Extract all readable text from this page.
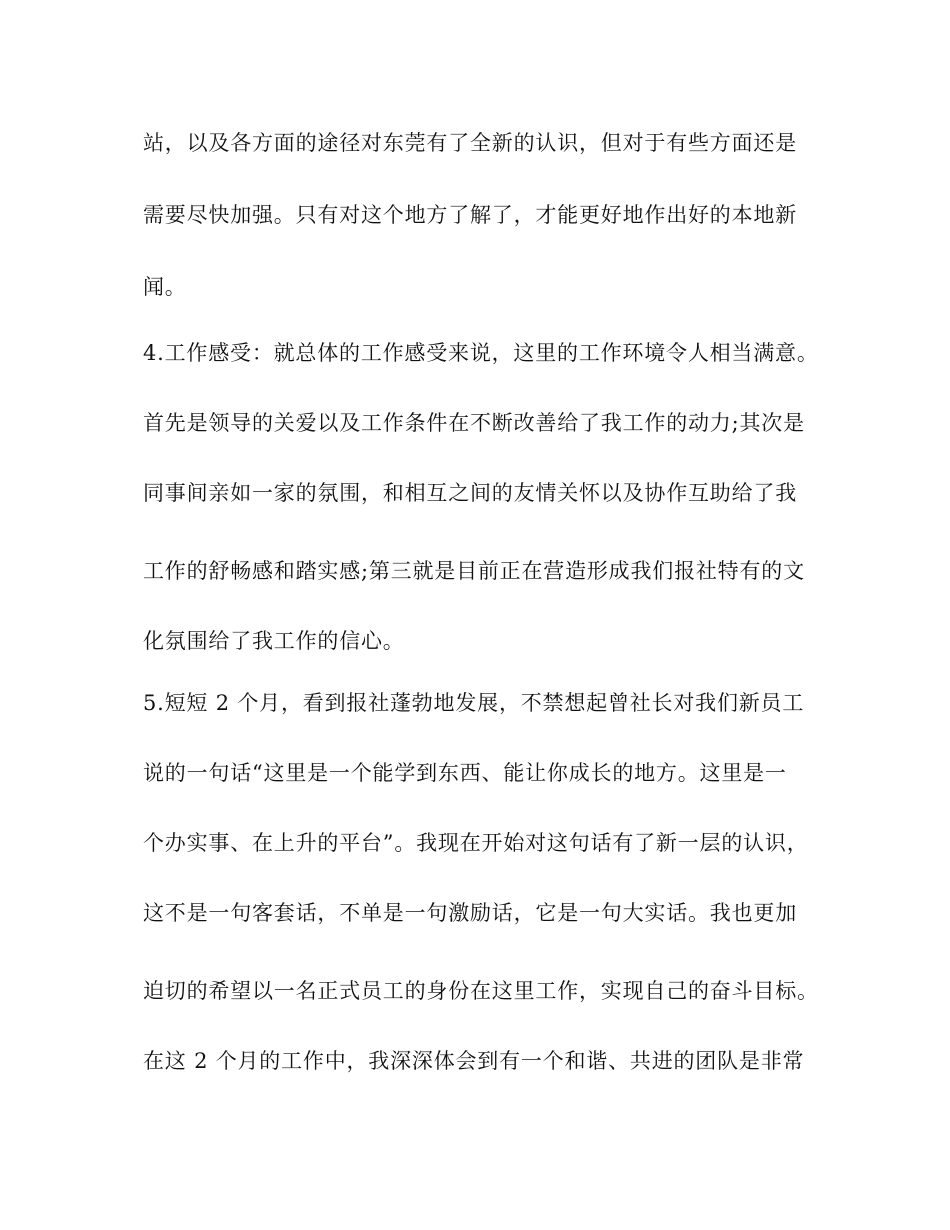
站，以及各方面的途径对东莞有了全新的认识，但对于有些方面还是
需要尽快加强。只有对这个地方了解了，才能更好地作出好的本地新
闻。
4.工作感受：就总体的工作感受来说，这里的工作环境令人相当满意。
首先是领导的关爱以及工作条件在不断改善给了我工作的动力;其次是
同事间亲如一家的氛围，和相互之间的友情关怀以及协作互助给了我
工作的舒畅感和踏实感;第三就是目前正在营造形成我们报社特有的文
化氛围给了我工作的信心。
5.短短 2 个月，看到报社蓬勃地发展，不禁想起曾社长对我们新员工
说的一句话“这里是一个能学到东西、能让你成长的地方。这里是一
个办实事、在上升的平台”。我现在开始对这句话有了新一层的认识，
这不是一句客套话，不单是一句激励话，它是一句大实话。我也更加
迫切的希望以一名正式员工的身份在这里工作，实现自己的奋斗目标。
在这 2 个月的工作中，我深深体会到有一个和谐、共进的团队是非常
